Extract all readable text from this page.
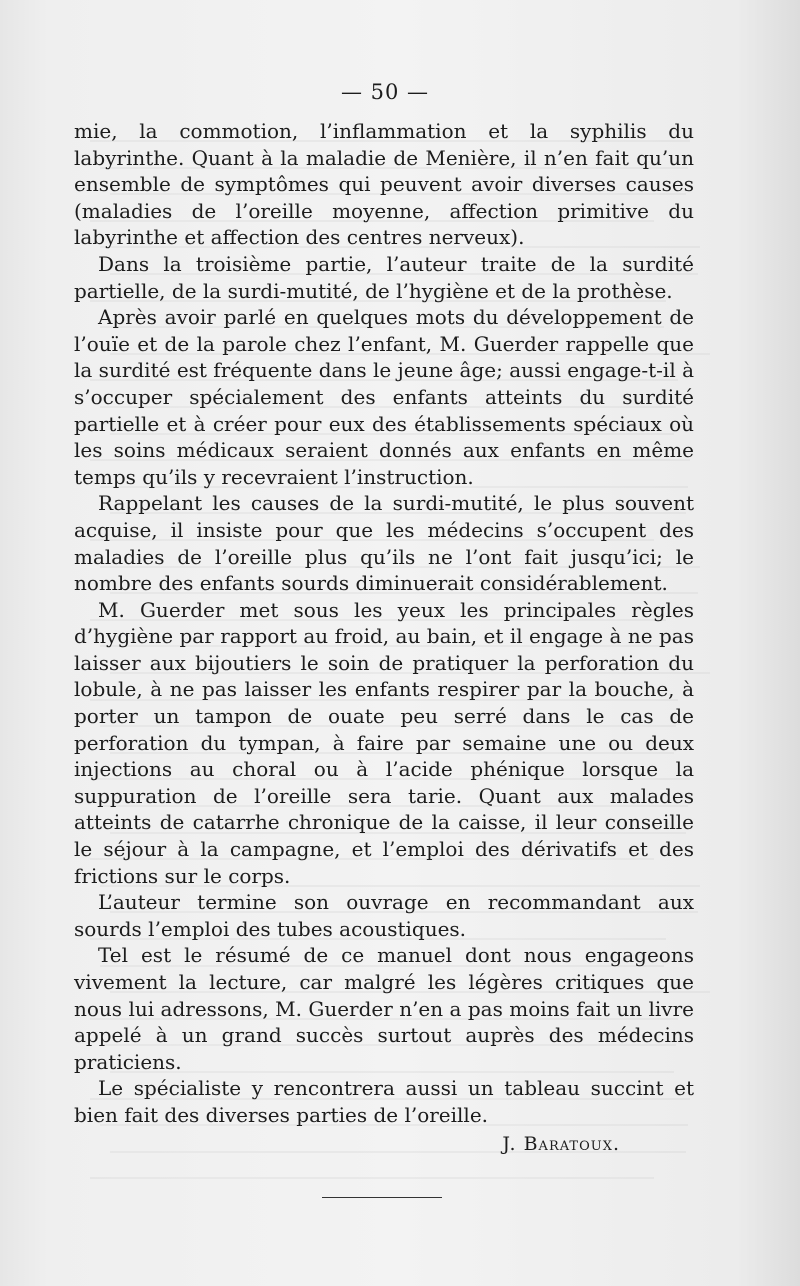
— 50 —

mie, la commotion, l’inflammation et la syphilis du labyrinthe. Quant à la maladie de Menière, il n’en fait qu’un ensemble de symptômes qui peuvent avoir diverses causes (maladies de l’oreille moyenne, affection primitive du labyrinthe et affection des centres nerveux).

Dans la troisième partie, l’auteur traite de la surdité partielle, de la surdi-mutité, de l’hygiène et de la prothèse.

Après avoir parlé en quelques mots du développement de l’ouïe et de la parole chez l’enfant, M. Guerder rappelle que la surdité est fréquente dans le jeune âge; aussi engage-t-il à s’occuper spécialement des enfants atteints du surdité partielle et à créer pour eux des établissements spéciaux où les soins médicaux seraient donnés aux enfants en même temps qu’ils y recevraient l’instruction.

Rappelant les causes de la surdi-mutité, le plus souvent acquise, il insiste pour que les médecins s’occupent des maladies de l’oreille plus qu’ils ne l’ont fait jusqu’ici; le nombre des enfants sourds diminuerait considérablement.

M. Guerder met sous les yeux les principales règles d’hygiène par rapport au froid, au bain, et il engage à ne pas laisser aux bijoutiers le soin de pratiquer la perforation du lobule, à ne pas laisser les enfants respirer par la bouche, à porter un tampon de ouate peu serré dans le cas de perforation du tympan, à faire par semaine une ou deux injections au choral ou à l’acide phénique lorsque la suppuration de l’oreille sera tarie. Quant aux malades atteints de catarrhe chronique de la caisse, il leur conseille le séjour à la campagne, et l’emploi des dérivatifs et des frictions sur le corps.

L’auteur termine son ouvrage en recommandant aux sourds l’emploi des tubes acoustiques.

Tel est le résumé de ce manuel dont nous engageons vivement la lecture, car malgré les légères critiques que nous lui adressons, M. Guerder n’en a pas moins fait un livre appelé à un grand succès surtout auprès des médecins praticiens.

Le spécialiste y rencontrera aussi un tableau succint et bien fait des diverses parties de l’oreille.

J. Baratoux.
